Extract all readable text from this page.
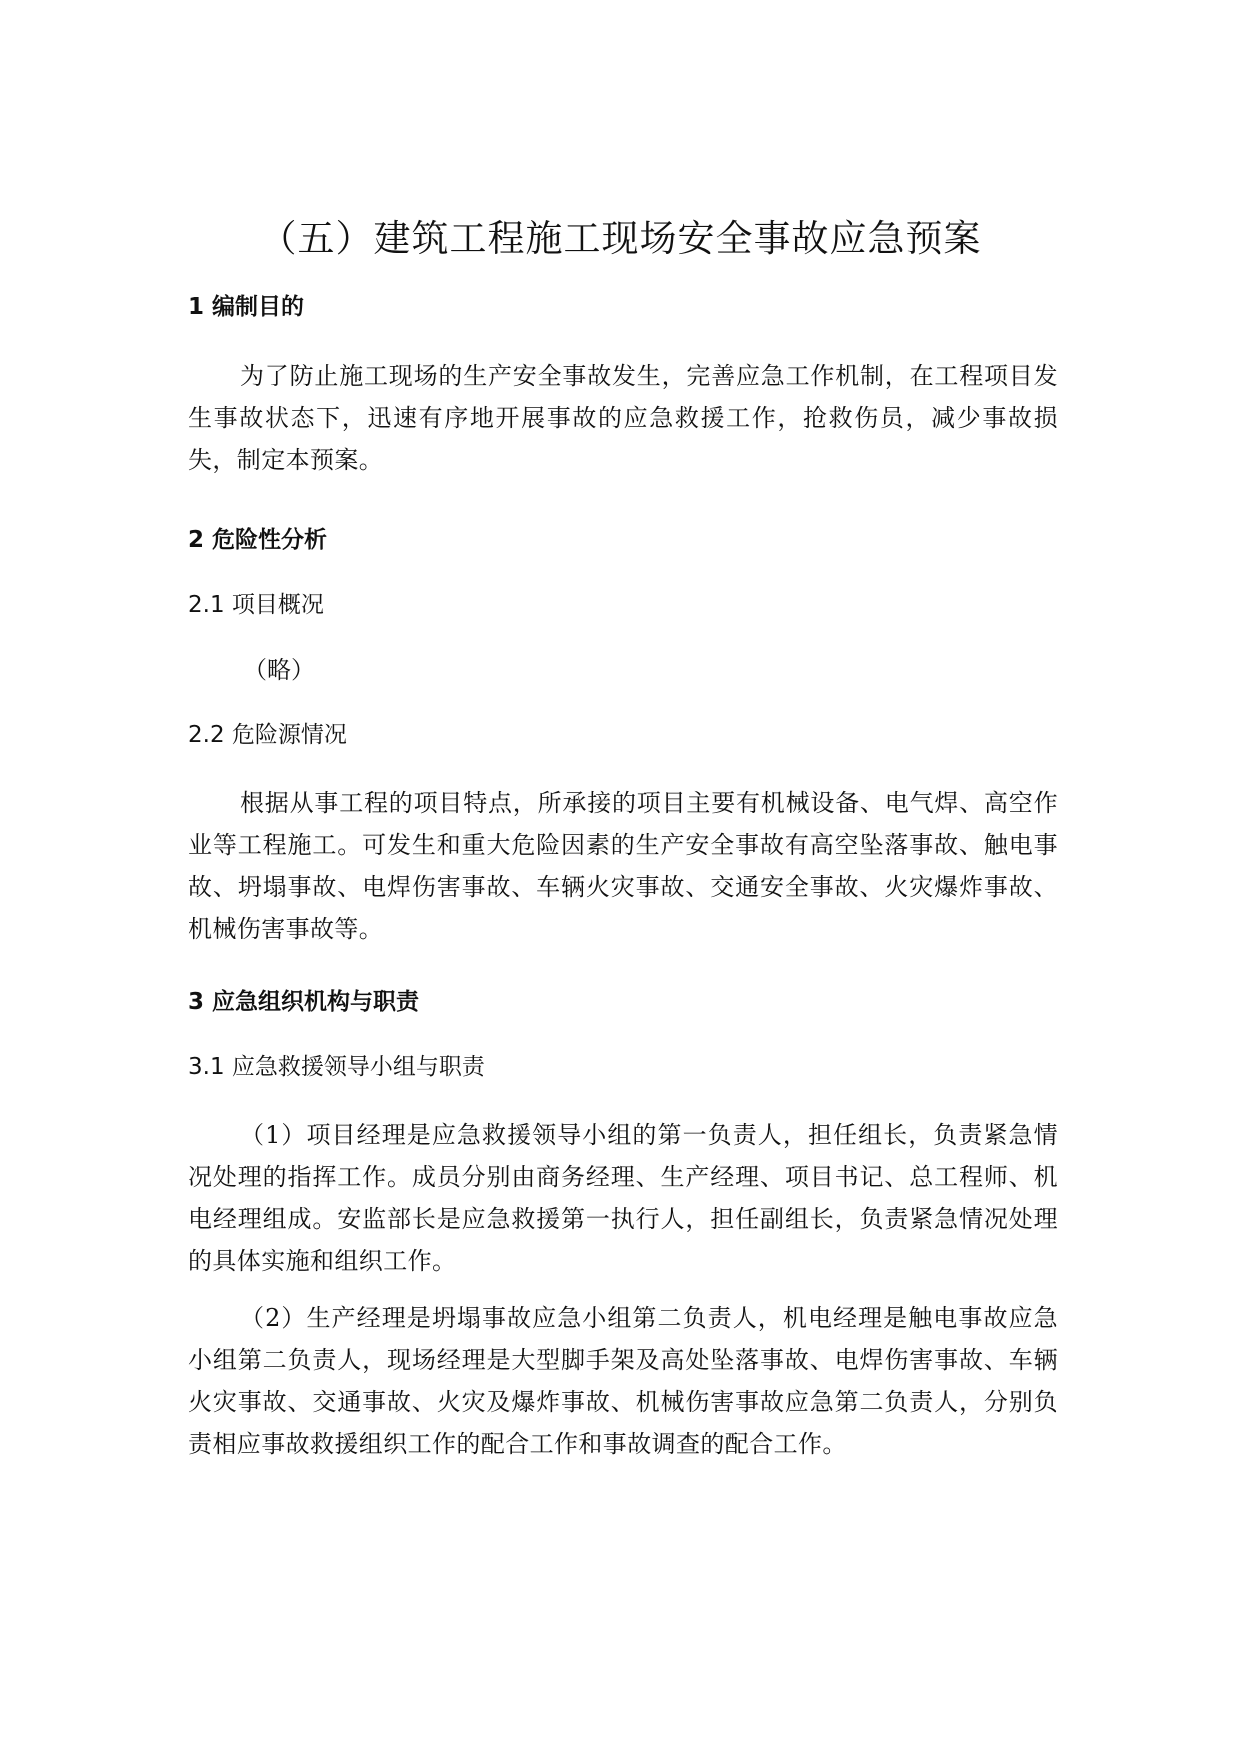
（五）建筑工程施工现场安全事故应急预案
1 编制目的

为了防止施工现场的生产安全事故发生，完善应急工作机制，在工程项目发生事故状态下，迅速有序地开展事故的应急救援工作，抢救伤员，减少事故损失，制定本预案。

2 危险性分析
2.1 项目概况

（略）

2.2 危险源情况

根据从事工程的项目特点，所承接的项目主要有机械设备、电气焊、高空作业等工程施工。可发生和重大危险因素的生产安全事故有高空坠落事故、触电事故、坍塌事故、电焊伤害事故、车辆火灾事故、交通安全事故、火灾爆炸事故、机械伤害事故等。

3 应急组织机构与职责
3.1 应急救援领导小组与职责

（1）项目经理是应急救援领导小组的第一负责人，担任组长，负责紧急情况处理的指挥工作。成员分别由商务经理、生产经理、项目书记、总工程师、机电经理组成。安监部长是应急救援第一执行人，担任副组长，负责紧急情况处理的具体实施和组织工作。

（2）生产经理是坍塌事故应急小组第二负责人，机电经理是触电事故应急小组第二负责人，现场经理是大型脚手架及高处坠落事故、电焊伤害事故、车辆火灾事故、交通事故、火灾及爆炸事故、机械伤害事故应急第二负责人，分别负责相应事故救援组织工作的配合工作和事故调查的配合工作。
